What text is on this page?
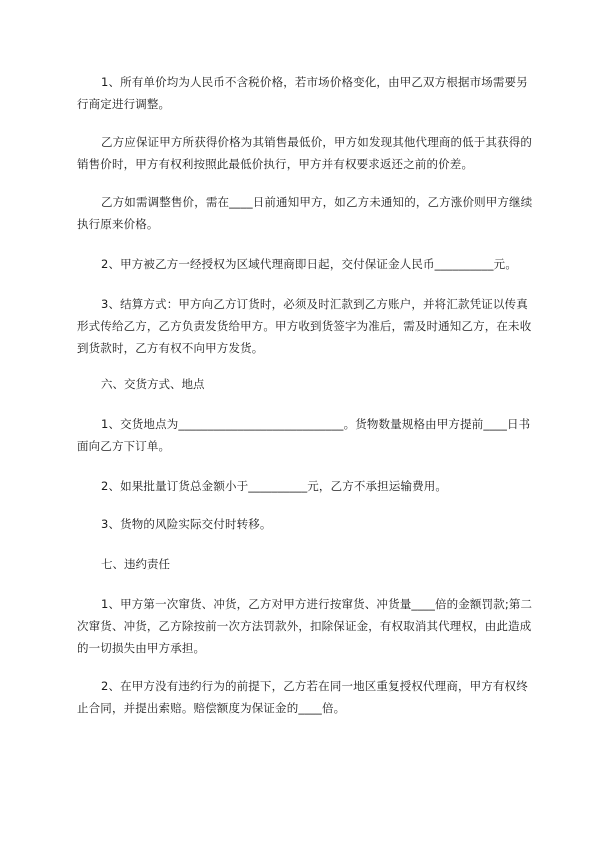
1、所有单价均为人民币不含税价格，若市场价格变化，由甲乙双方根据市场需要另行商定进行调整。

乙方应保证甲方所获得价格为其销售最低价，甲方如发现其他代理商的低于其获得的销售价时，甲方有权利按照此最低价执行，甲方并有权要求返还之前的价差。

乙方如需调整售价，需在____日前通知甲方，如乙方未通知的，乙方涨价则甲方继续执行原来价格。

2、甲方被乙方一经授权为区域代理商即日起，交付保证金人民币__________元。

3、结算方式：甲方向乙方订货时，必须及时汇款到乙方账户，并将汇款凭证以传真形式传给乙方，乙方负责发货给甲方。甲方收到货签字为准后，需及时通知乙方，在未收到货款时，乙方有权不向甲方发货。

六、交货方式、地点

1、交货地点为____________________________。货物数量规格由甲方提前____日书面向乙方下订单。

2、如果批量订货总金额小于__________元，乙方不承担运输费用。

3、货物的风险实际交付时转移。

七、违约责任

1、甲方第一次窜货、冲货，乙方对甲方进行按窜货、冲货量____倍的金额罚款;第二次窜货、冲货，乙方除按前一次方法罚款外，扣除保证金，有权取消其代理权，由此造成的一切损失由甲方承担。

2、在甲方没有违约行为的前提下，乙方若在同一地区重复授权代理商，甲方有权终止合同，并提出索赔。赔偿额度为保证金的____倍。
